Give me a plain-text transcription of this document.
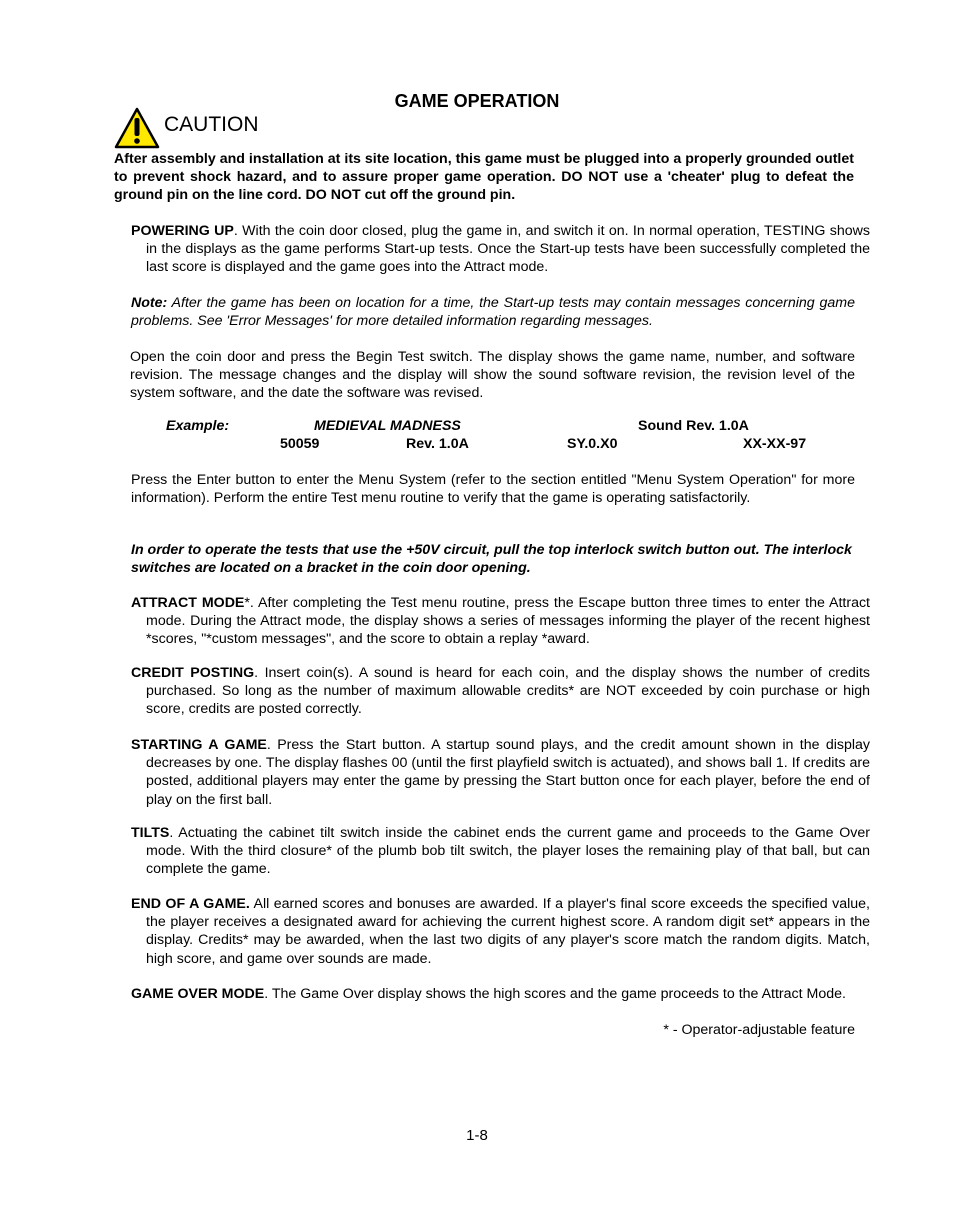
GAME OPERATION
CAUTION
After assembly and installation at its site location, this game must be plugged into a properly grounded outlet to prevent shock hazard, and to assure proper game operation. DO NOT use a 'cheater' plug to defeat the ground pin on the line cord. DO NOT cut off the ground pin.
POWERING UP. With the coin door closed, plug the game in, and switch it on. In normal operation, TESTING shows in the displays as the game performs Start-up tests. Once the Start-up tests have been successfully completed the last score is displayed and the game goes into the Attract mode.
Note: After the game has been on location for a time, the Start-up tests may contain messages concerning game problems. See 'Error Messages' for more detailed information regarding messages.
Open the coin door and press the Begin Test switch. The display shows the game name, number, and software revision. The message changes and the display will show the sound software revision, the revision level of the system software, and the date the software was revised.
Example:	MEDIEVAL MADNESS	Sound Rev. 1.0A
50059	Rev. 1.0A	SY.0.X0	XX-XX-97
Press the Enter button to enter the Menu System (refer to the section entitled "Menu System Operation" for more information). Perform the entire Test menu routine to verify that the game is operating satisfactorily.
In order to operate the tests that use the +50V circuit, pull the top interlock switch button out. The interlock switches are located on a bracket in the coin door opening.
ATTRACT MODE*. After completing the Test menu routine, press the Escape button three times to enter the Attract mode. During the Attract mode, the display shows a series of messages informing the player of the recent highest *scores, "*custom messages", and the score to obtain a replay *award.
CREDIT POSTING. Insert coin(s). A sound is heard for each coin, and the display shows the number of credits purchased. So long as the number of maximum allowable credits* are NOT exceeded by coin purchase or high score, credits are posted correctly.
STARTING A GAME. Press the Start button. A startup sound plays, and the credit amount shown in the display decreases by one. The display flashes 00 (until the first playfield switch is actuated), and shows ball 1. If credits are posted, additional players may enter the game by pressing the Start button once for each player, before the end of play on the first ball.
TILTS. Actuating the cabinet tilt switch inside the cabinet ends the current game and proceeds to the Game Over mode. With the third closure* of the plumb bob tilt switch, the player loses the remaining play of that ball, but can complete the game.
END OF A GAME. All earned scores and bonuses are awarded. If a player's final score exceeds the specified value, the player receives a designated award for achieving the current highest score. A random digit set* appears in the display. Credits* may be awarded, when the last two digits of any player's score match the random digits. Match, high score, and game over sounds are made.
GAME OVER MODE. The Game Over display shows the high scores and the game proceeds to the Attract Mode.
* - Operator-adjustable feature
1-8
